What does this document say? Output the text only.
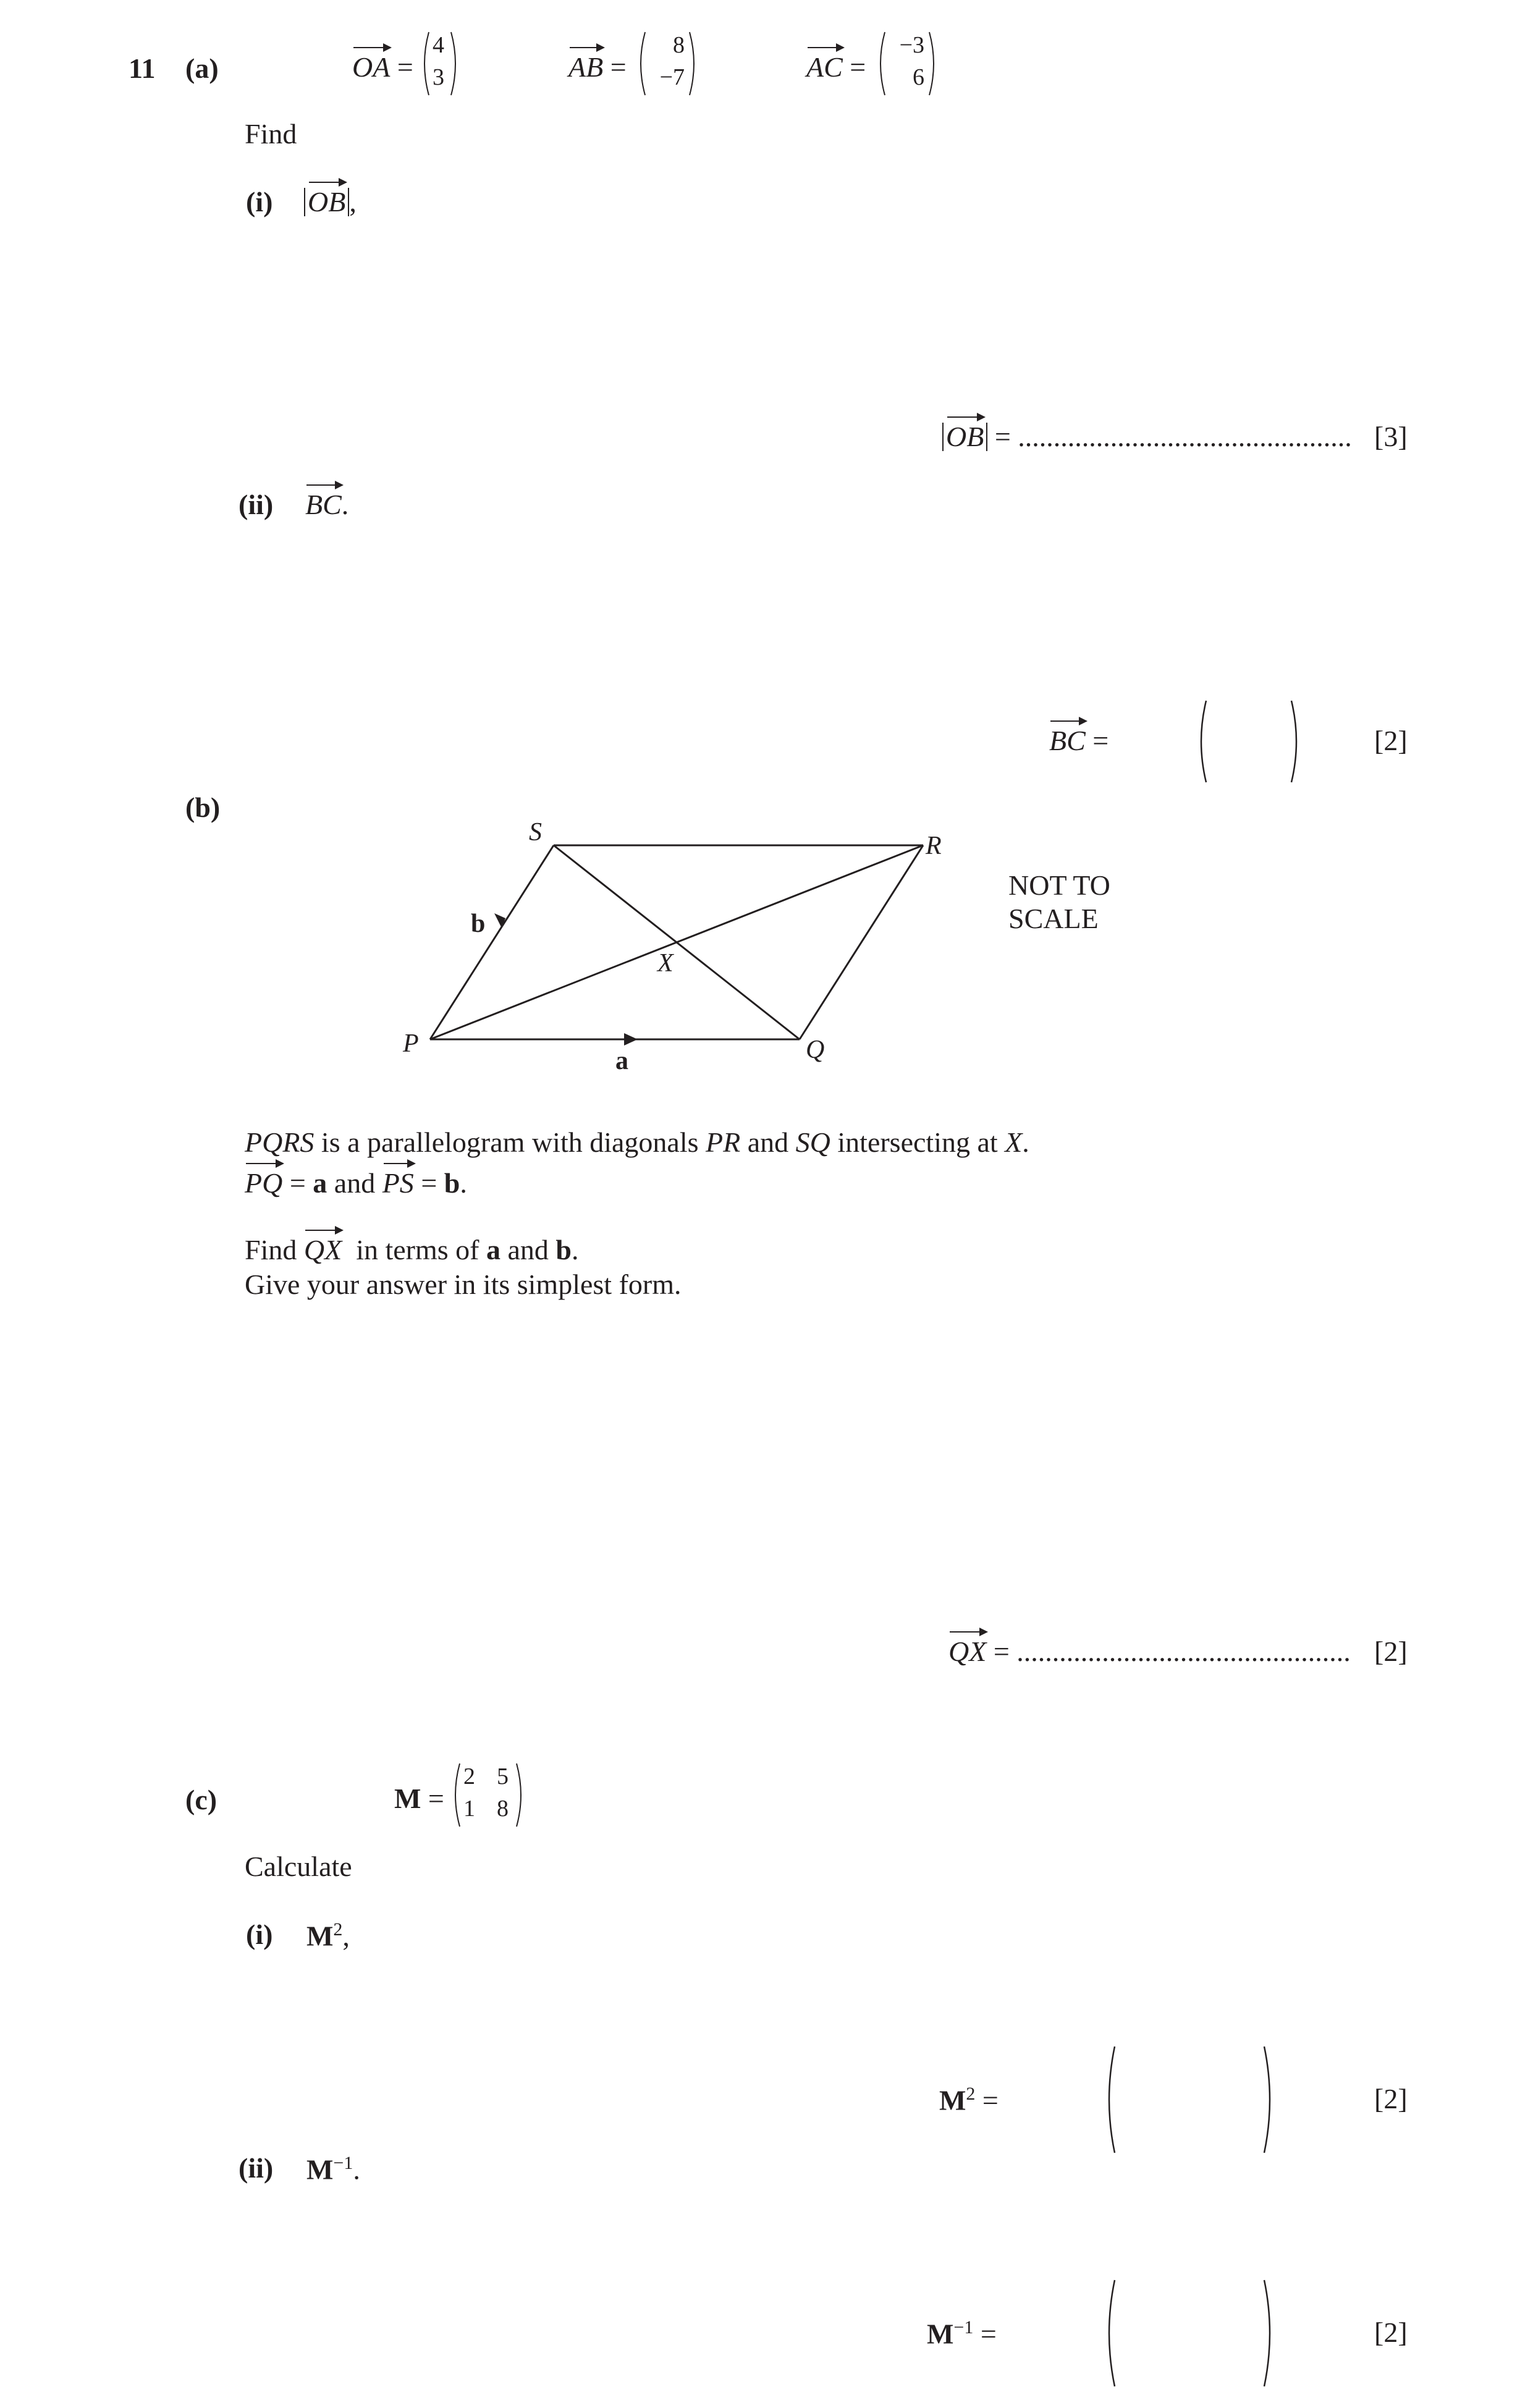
11 (a)	OA =
4
3	AB =
8
−7	AC =
−3
6
Find
(i) OB ,
OB = ............................................... [3]
(ii) BC.
BC =	[2]
(b)
S	R
P	Q
X
a
b
NOT TO
SCALE
PQRS is a parallelogram with diagonals PR and SQ intersecting at X.
PQ = a and PS = b.
Find QX  in terms of a and b.
Give your answer in its simplest form.
QX = ............................................... [2]
(c)	M =
2 5
1 8
Calculate
(i) $M^2$,
$M^2$ =	[2]
(ii) $M^{-1}$.
$M^{-1}$ =	[2]
